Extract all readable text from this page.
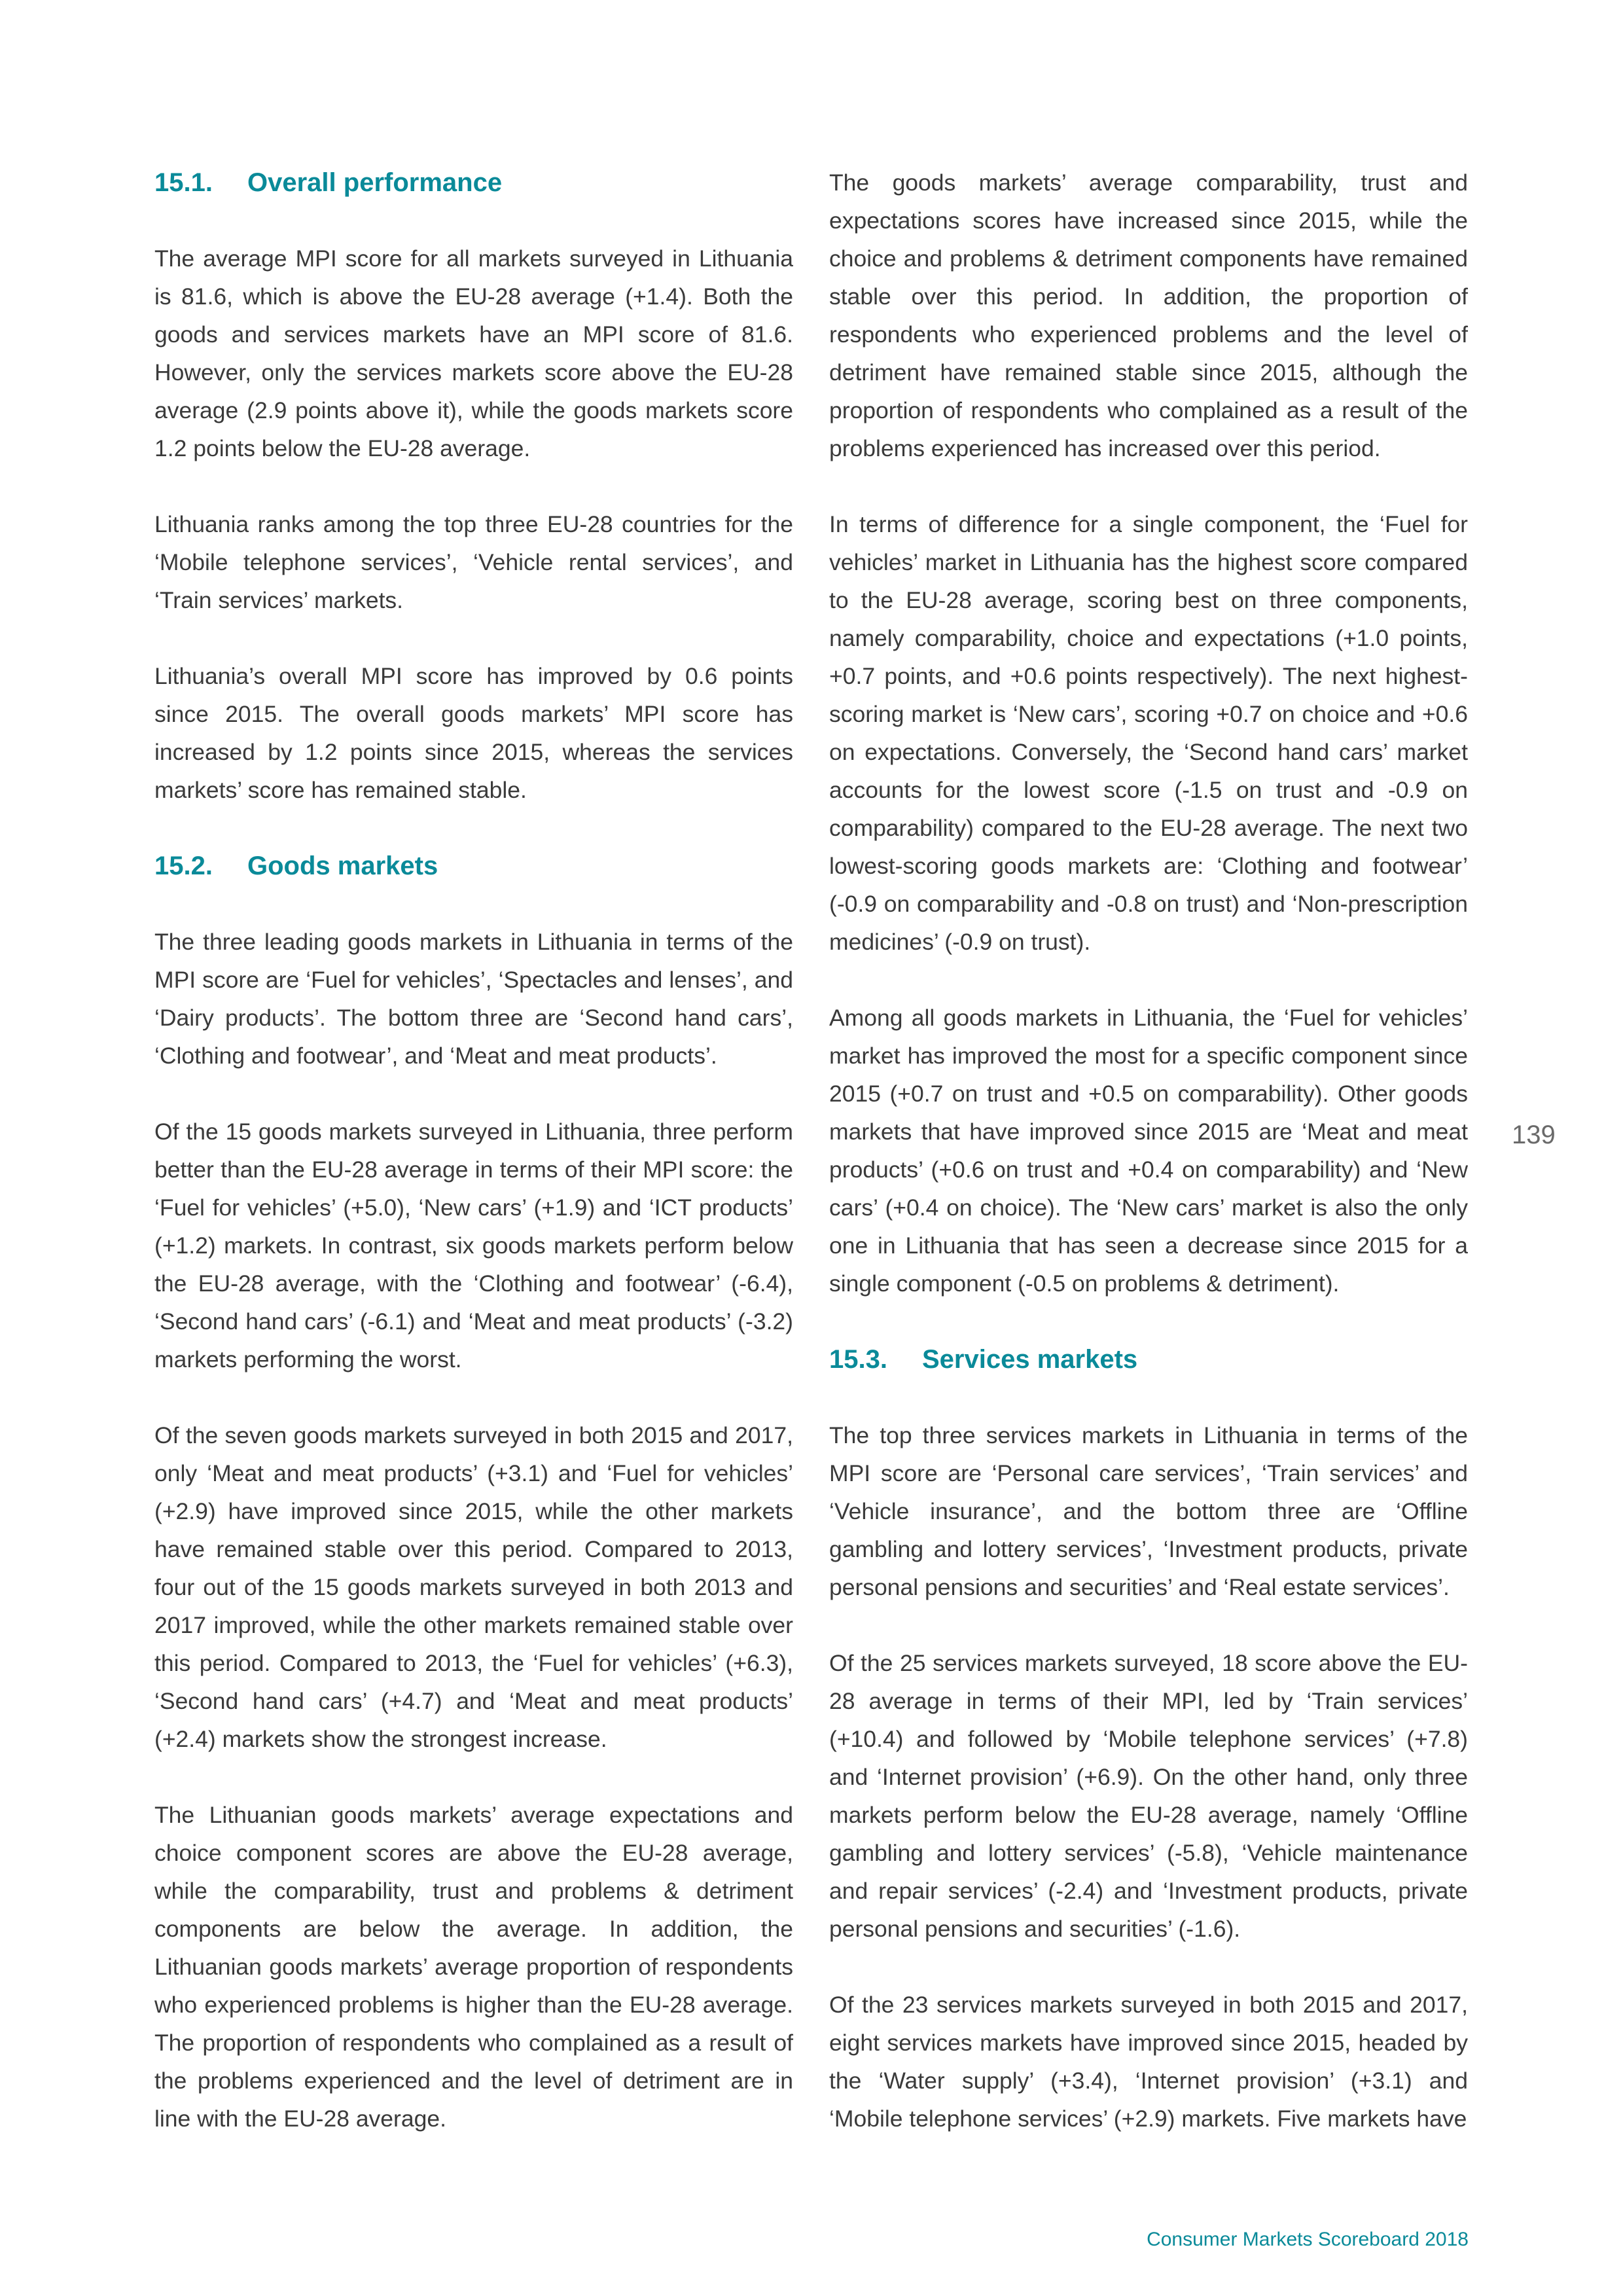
15.1. Overall performance

The average MPI score for all markets surveyed in Lithuania is 81.6, which is above the EU-28 average (+1.4). Both the goods and services markets have an MPI score of 81.6. However, only the services markets score above the EU-28 average (2.9 points above it), while the goods markets score 1.2 points below the EU-28 average.

Lithuania ranks among the top three EU-28 countries for the ‘Mobile telephone services’, ‘Vehicle rental services’, and ‘Train services’ markets.

Lithuania’s overall MPI score has improved by 0.6 points since 2015. The overall goods markets’ MPI score has increased by 1.2 points since 2015, whereas the services markets’ score has remained stable.

15.2. Goods markets

The three leading goods markets in Lithuania in terms of the MPI score are ‘Fuel for vehicles’, ‘Spectacles and lenses’, and ‘Dairy products’. The bottom three are ‘Second hand cars’, ‘Clothing and footwear’, and ‘Meat and meat products’.

Of the 15 goods markets surveyed in Lithuania, three perform better than the EU-28 average in terms of their MPI score: the ‘Fuel for vehicles’ (+5.0), ‘New cars’ (+1.9) and ‘ICT products’ (+1.2) markets. In contrast, six goods markets perform below the EU-28 average, with the ‘Clothing and footwear’ (-6.4), ‘Second hand cars’ (-6.1) and ‘Meat and meat products’ (-3.2) markets performing the worst.

Of the seven goods markets surveyed in both 2015 and 2017, only ‘Meat and meat products’ (+3.1) and ‘Fuel for vehicles’ (+2.9) have improved since 2015, while the other markets have remained stable over this period. Compared to 2013, four out of the 15 goods markets surveyed in both 2013 and 2017 improved, while the other markets remained stable over this period. Compared to 2013, the ‘Fuel for vehicles’ (+6.3), ‘Second hand cars’ (+4.7) and ‘Meat and meat products’ (+2.4) markets show the strongest increase.

The Lithuanian goods markets’ average expectations and choice component scores are above the EU-28 average, while the comparability, trust and problems & detriment components are below the average. In addition, the Lithuanian goods markets’ average proportion of respondents who experienced problems is higher than the EU-28 average. The proportion of respondents who complained as a result of the problems experienced and the level of detriment are in line with the EU-28 average.

The goods markets’ average comparability, trust and expectations scores have increased since 2015, while the choice and problems & detriment components have remained stable over this period. In addition, the proportion of respondents who experienced problems and the level of detriment have remained stable since 2015, although the proportion of respondents who complained as a result of the problems experienced has increased over this period.

In terms of difference for a single component, the ‘Fuel for vehicles’ market in Lithuania has the highest score compared to the EU-28 average, scoring best on three components, namely comparability, choice and expectations (+1.0 points, +0.7 points, and +0.6 points respectively). The next highest-scoring market is ‘New cars’, scoring +0.7 on choice and +0.6 on expectations. Conversely, the ‘Second hand cars’ market accounts for the lowest score (-1.5 on trust and -0.9 on comparability) compared to the EU-28 average. The next two lowest-scoring goods markets are: ‘Clothing and footwear’ (-0.9 on comparability and -0.8 on trust) and ‘Non-prescription medicines’ (-0.9 on trust).

Among all goods markets in Lithuania, the ‘Fuel for vehicles’ market has improved the most for a specific component since 2015 (+0.7 on trust and +0.5 on comparability). Other goods markets that have improved since 2015 are ‘Meat and meat products’ (+0.6 on trust and +0.4 on comparability) and ‘New cars’ (+0.4 on choice). The ‘New cars’ market is also the only one in Lithuania that has seen a decrease since 2015 for a single component (-0.5 on problems & detriment).

15.3. Services markets

The top three services markets in Lithuania in terms of the MPI score are ‘Personal care services’, ‘Train services’ and ‘Vehicle insurance’, and the bottom three are ‘Offline gambling and lottery services’, ‘Investment products, private personal pensions and securities’ and ‘Real estate services’.

Of the 25 services markets surveyed, 18 score above the EU-28 average in terms of their MPI, led by ‘Train services’ (+10.4) and followed by ‘Mobile telephone services’ (+7.8) and ‘Internet provision’ (+6.9). On the other hand, only three markets perform below the EU-28 average, namely ‘Offline gambling and lottery services’ (-5.8), ‘Vehicle maintenance and repair services’ (-2.4) and ‘Investment products, private personal pensions and securities’ (-1.6).

Of the 23 services markets surveyed in both 2015 and 2017, eight services markets have improved since 2015, headed by the ‘Water supply’ (+3.4), ‘Internet provision’ (+3.1) and ‘Mobile telephone services’ (+2.9) markets. Five markets have

139
Consumer Markets Scoreboard 2018
